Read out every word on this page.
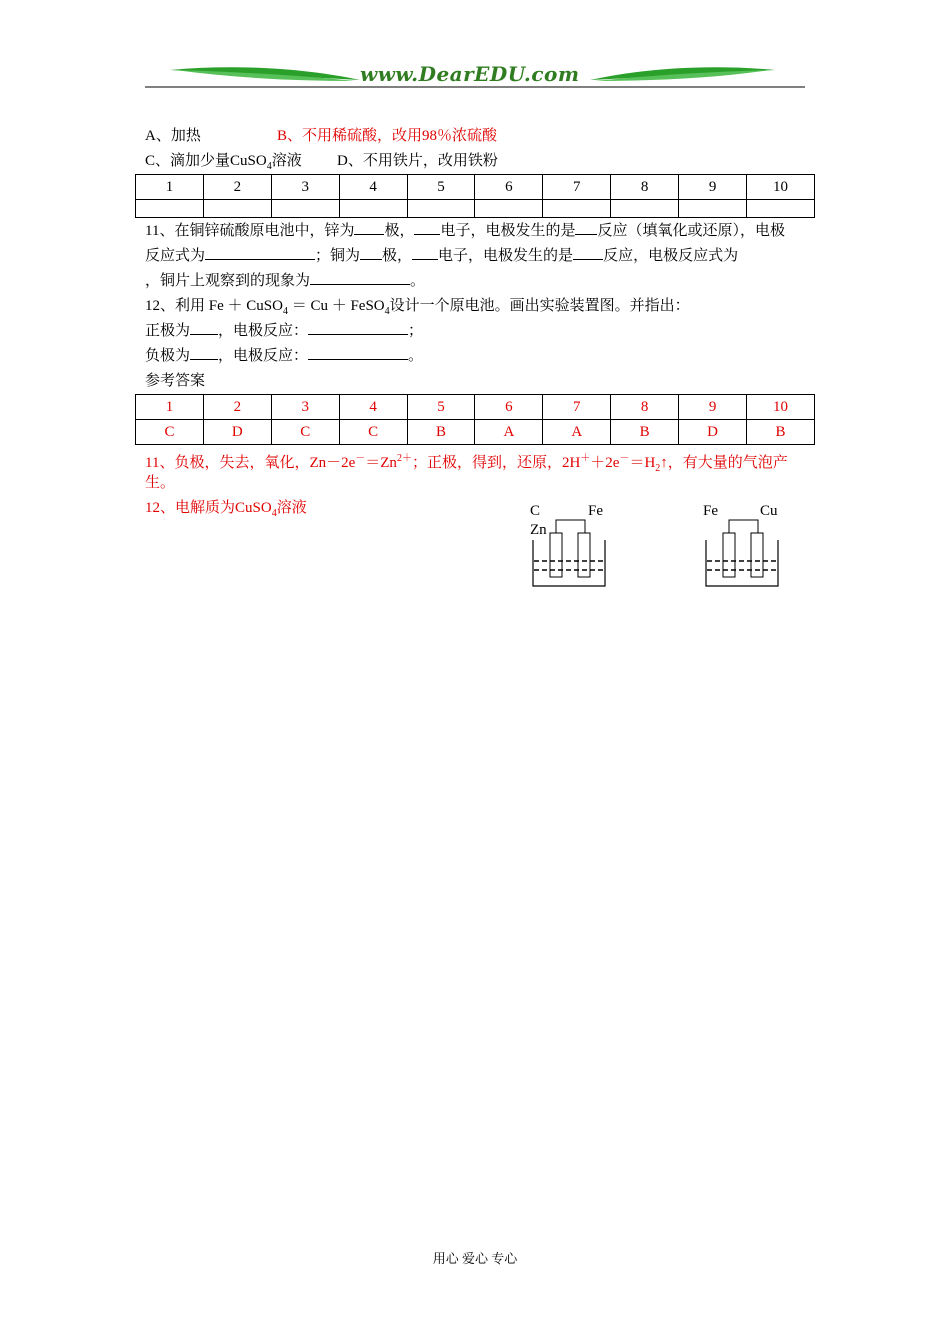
www.DearEDU.com
A、加热	B、不用稀硫酸，改用98％浓硫酸
C、滴加少量CuSO$_4$溶液 D、不用铁片，改用铁粉
1	2	3	4	5	6	7	8	9	10

11、在铜锌硫酸原电池中，锌为 极， 电子，电极发生的是 反应（填氧化或还原），电极
反应式为	；铜为 极， 电子，电极发生的是 反应，电极反应式为
，铜片上观察到的现象为	。
12、利用 Fe ＋ CuSO$_4$ ＝ Cu ＋ FeSO$_4$设计一个原电池。画出实验装置图。并指出：
正极为 ，电极反应：	；
负极为 ，电极反应：	。
参考答案
1	2	3	4	5	6	7	8	9	10
C	D	C	C	B	A	A	B	D	B
11、负极，失去，氧化，$Zn-2e^-=Zn^{2+}$；正极，得到，还原，$2H^++2e^-=H_2↑$，有大量的气泡产
生。
12、电解质为CuSO$_4$溶液	C	Fe
Zn
Fe	Cu
用心 爱心 专心
